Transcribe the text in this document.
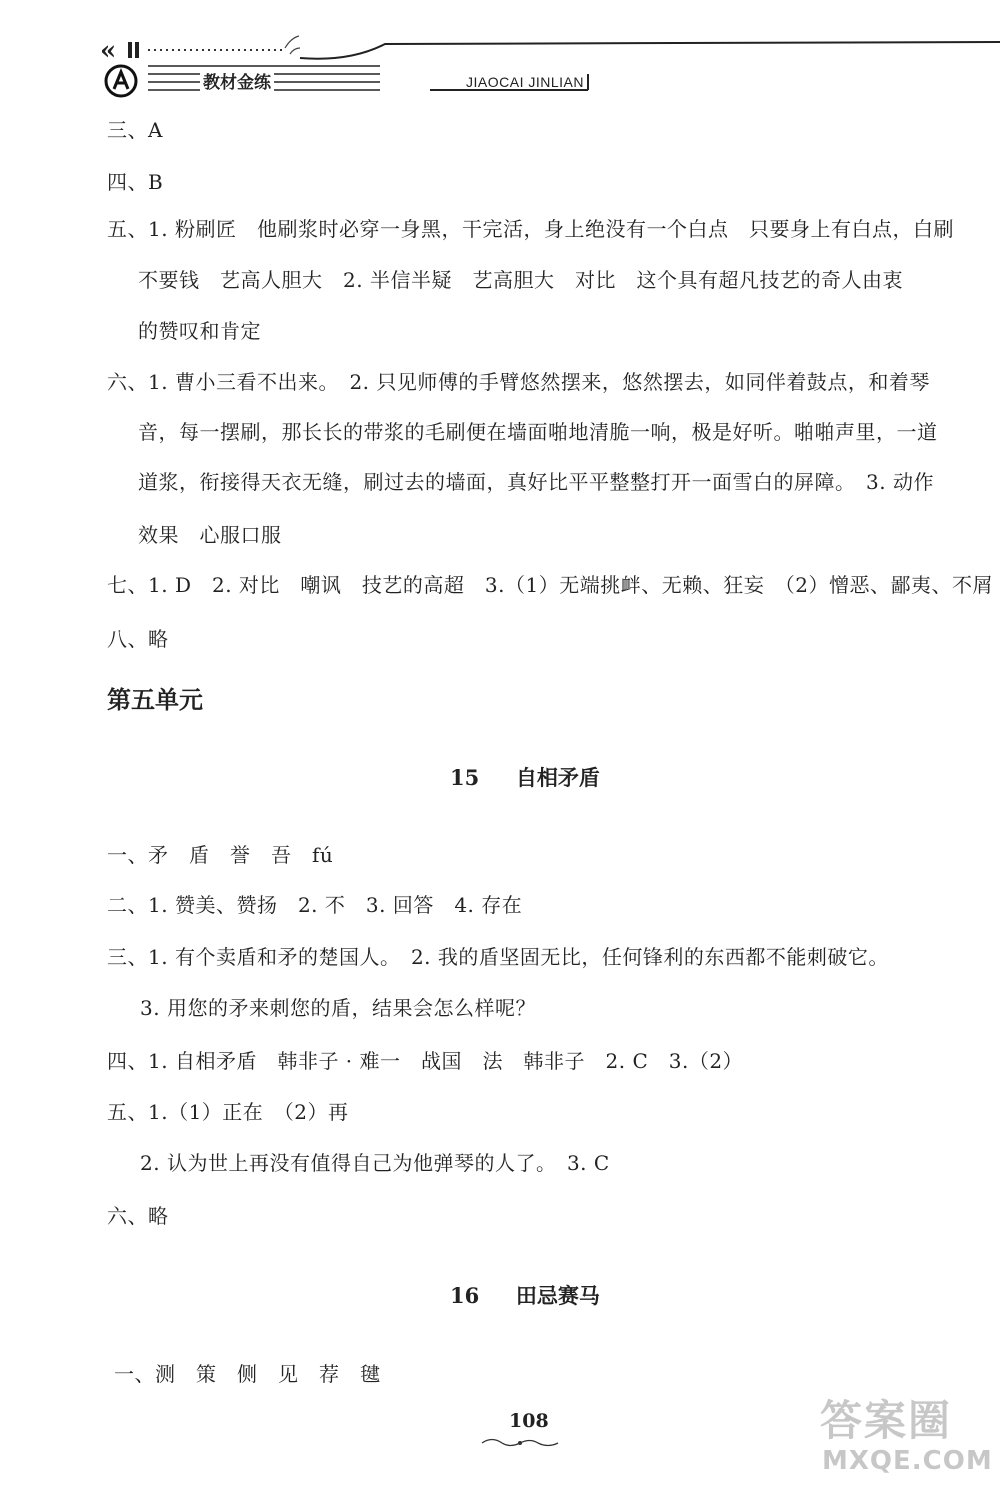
«
教材金练	JIAOCAI JINLIAN
三、A
四、B
五、1. 粉刷匠　他刷浆时必穿一身黑，干完活，身上绝没有一个白点　只要身上有白点，白刷
不要钱　艺高人胆大　2. 半信半疑　艺高胆大　对比　这个具有超凡技艺的奇人由衷
的赞叹和肯定
六、1. 曹小三看不出来。　2. 只见师傅的手臂悠然摆来，悠然摆去，如同伴着鼓点，和着琴
音，每一摆刷，那长长的带浆的毛刷便在墙面啪地清脆一响，极是好听。啪啪声里，一道
道浆，衔接得天衣无缝，刷过去的墙面，真好比平平整整打开一面雪白的屏障。　3. 动作
效果　心服口服
七、1. D　2. 对比　嘲讽　技艺的高超　3.（1）无端挑衅、无赖、狂妄　（2）憎恶、鄙夷、不屑
八、略
第五单元
15 自相矛盾
一、矛　盾　誉　吾　fú
二、1. 赞美、赞扬　2. 不　3. 回答　4. 存在
三、1. 有个卖盾和矛的楚国人。　2. 我的盾坚固无比，任何锋利的东西都不能刺破它。
3. 用您的矛来刺您的盾，结果会怎么样呢？
四、1. 自相矛盾　韩非子 · 难一　战国　法　韩非子　2. C　3.（2）
五、1.（1）正在　（2）再
2. 认为世上再没有值得自己为他弹琴的人了。　3. C
六、略
16 田忌赛马
一、测　策　侧　见　荐　毽
108	答案圈
MXQE.COM
